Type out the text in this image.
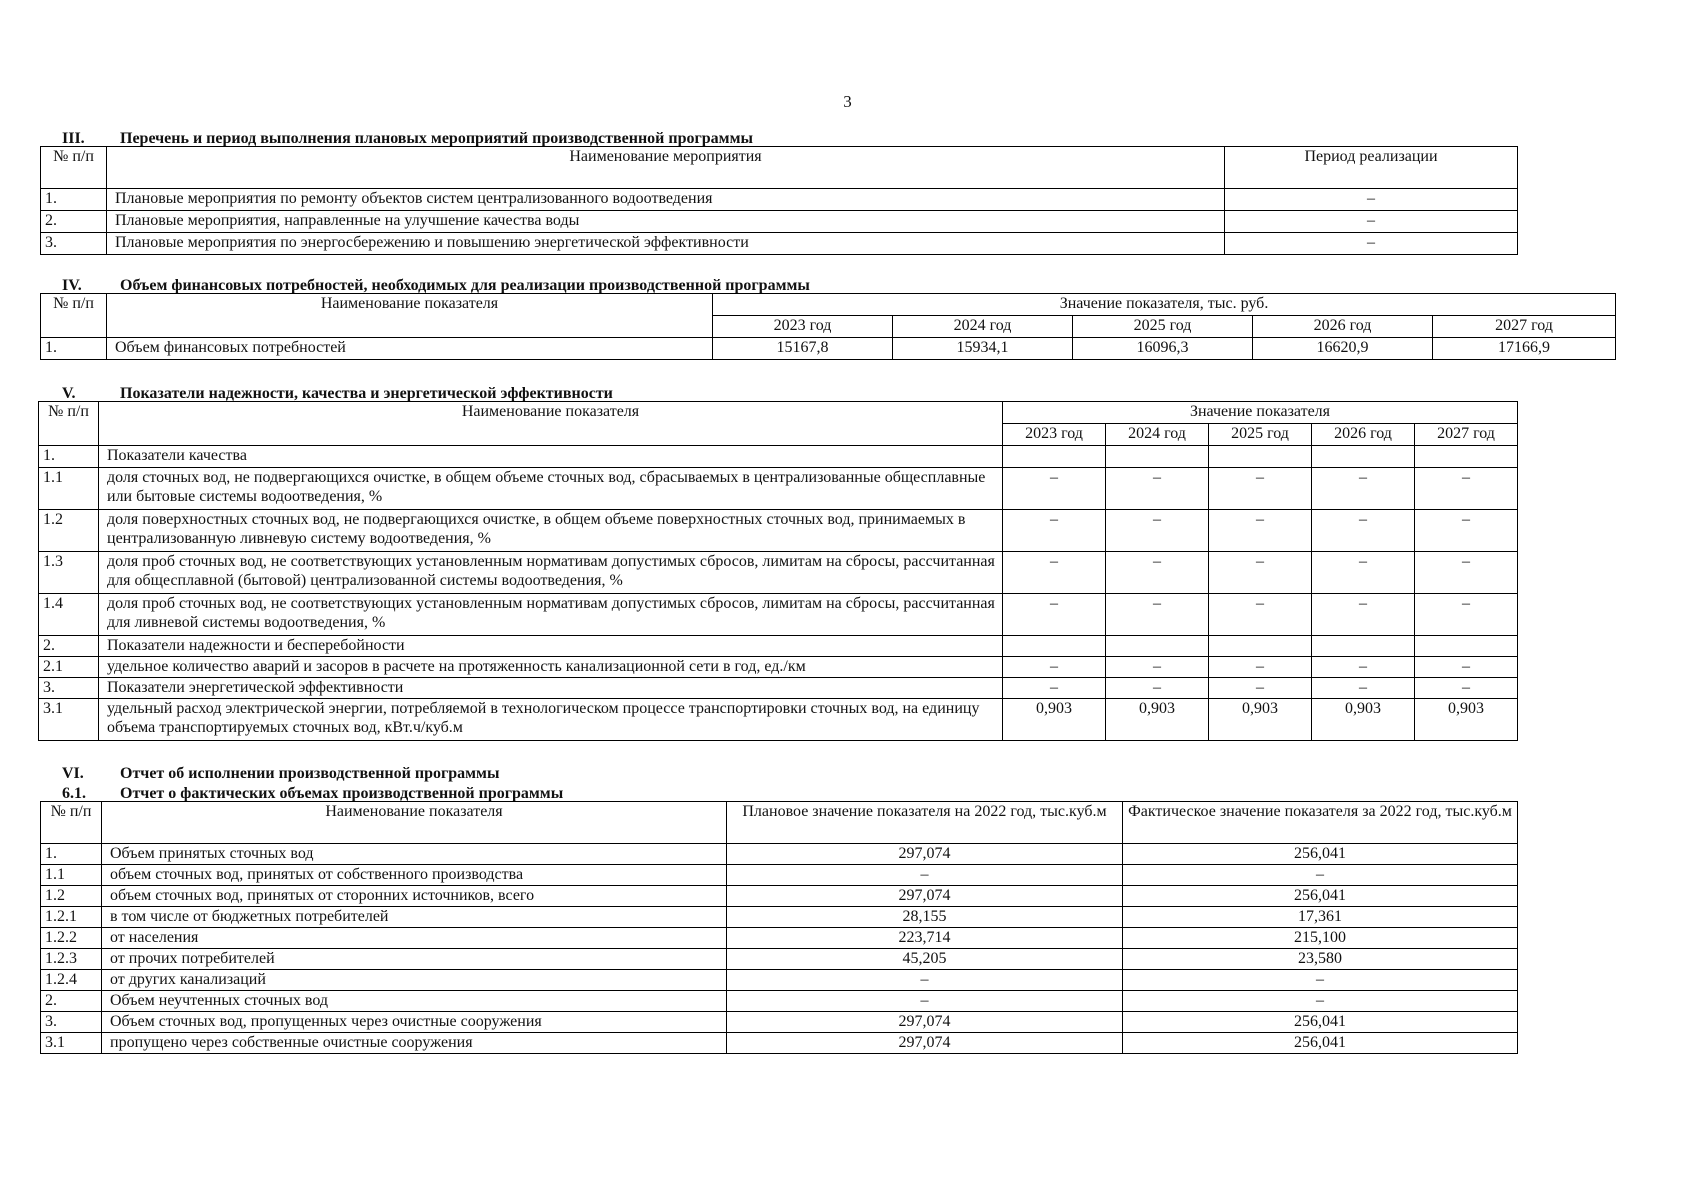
3
III. Перечень и период выполнения плановых мероприятий производственной программы
№ п/п	Наименование мероприятия	Период реализации
1.	Плановые мероприятия по ремонту объектов систем централизованного водоотведения	–
2.	Плановые мероприятия, направленные на улучшение качества воды	–
3.	Плановые мероприятия по энергосбережению и повышению энергетической эффективности	–
IV. Объем финансовых потребностей, необходимых для реализации производственной программы
№ п/п	Наименование показателя	Значение показателя, тыс. руб.				
		2023 год	2024 год	2025 год	2026 год	2027 год
1.	Объем финансовых потребностей	15167,8	15934,1	16096,3	16620,9	17166,9
V.	Показатели надежности, качества и энергетической эффективности
№ п/п	Наименование показателя	Значение показателя				
		2023 год	2024 год	2025 год	2026 год	2027 год
1.	Показатели качества					
1.1	доля сточных вод, не подвергающихся очистке, в общем объеме сточных вод, сбрасываемых в централизованные общесплавные или бытовые системы водоотведения, %	–	–	–	–	–
1.2	доля поверхностных сточных вод, не подвергающихся очистке, в общем объеме поверхностных сточных вод, принимаемых в централизованную ливневую систему водоотведения, %	–	–	–	–	–
1.3	доля проб сточных вод, не соответствующих установленным нормативам допустимых сбросов, лимитам на сбросы, рассчитанная для общесплавной (бытовой) централизованной системы водоотведения, %	–	–	–	–	–
1.4	доля проб сточных вод, не соответствующих установленным нормативам допустимых сбросов, лимитам на сбросы, рассчитанная для ливневой системы водоотведения, %	–	–	–	–	–
2.	Показатели надежности и бесперебойности					
2.1	удельное количество аварий и засоров в расчете на протяженность канализационной сети в год, ед./км	–	–	–	–	–
3.	Показатели энергетической эффективности	–	–	–	–	–
3.1	удельный расход электрической энергии, потребляемой в технологическом процессе транспортировки сточных вод, на единицу объема транспортируемых сточных вод, кВт.ч/куб.м	0,903	0,903	0,903	0,903	0,903
VI. Отчет об исполнении производственной программы
6.1. Отчет о фактических объемах производственной программы
№ п/п	Наименование показателя	Плановое значение показателя на 2022 год, тыс.куб.м	Фактическое значение показателя за 2022 год, тыс.куб.м
1.	Объем принятых сточных вод	297,074	256,041
1.1	объем сточных вод, принятых от собственного производства	–	–
1.2	объем сточных вод, принятых от сторонних источников, всего	297,074	256,041
1.2.1	в том числе от бюджетных потребителей	28,155	17,361
1.2.2	от населения	223,714	215,100
1.2.3	от прочих потребителей	45,205	23,580
1.2.4	от других канализаций	–	–
2.	Объем неучтенных сточных вод	–	–
3.	Объем сточных вод, пропущенных через очистные сооружения	297,074	256,041
3.1	пропущено через собственные очистные сооружения	297,074	256,041
